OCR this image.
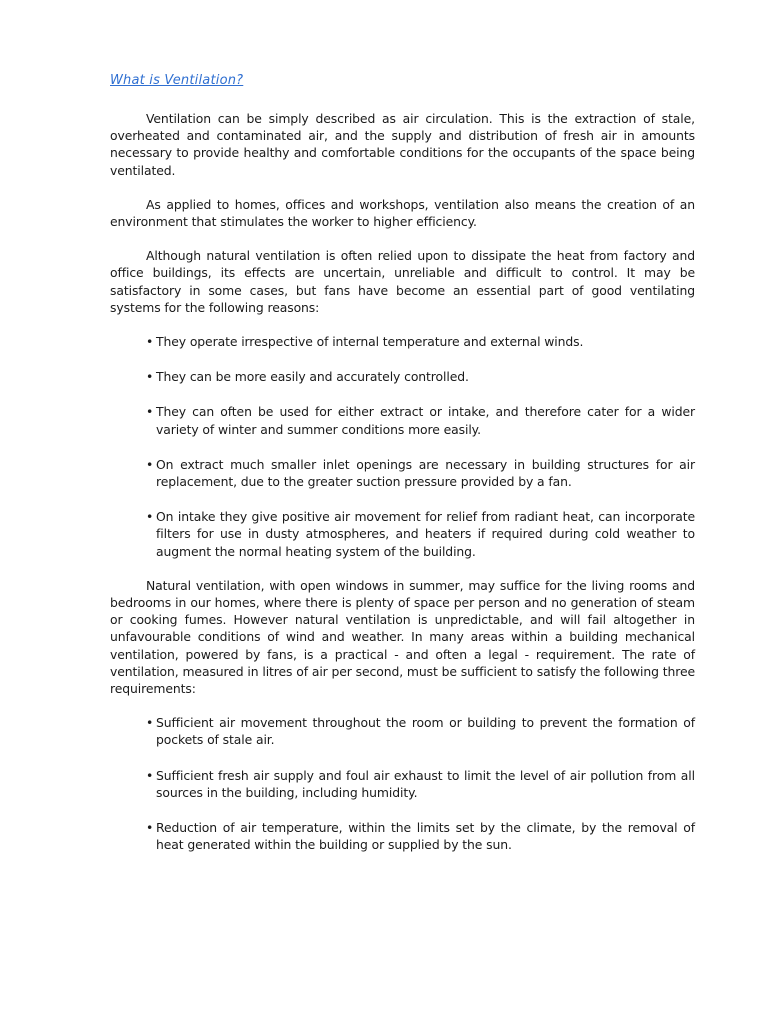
What is Ventilation?

Ventilation can be simply described as air circulation. This is the extraction of stale, overheated and contaminated air, and the supply and distribution of fresh air in amounts necessary to provide healthy and comfortable conditions for the occupants of the space being ventilated.

As applied to homes, offices and workshops, ventilation also means the creation of an environment that stimulates the worker to higher efficiency.

Although natural ventilation is often relied upon to dissipate the heat from factory and office buildings, its effects are uncertain, unreliable and difficult to control. It may be satisfactory in some cases, but fans have become an essential part of good ventilating systems for the following reasons:

• They operate irrespective of internal temperature and external winds.
• They can be more easily and accurately controlled.
• They can often be used for either extract or intake, and therefore cater for a wider variety of winter and summer conditions more easily.
• On extract much smaller inlet openings are necessary in building structures for air replacement, due to the greater suction pressure provided by a fan.
• On intake they give positive air movement for relief from radiant heat, can incorporate filters for use in dusty atmospheres, and heaters if required during cold weather to augment the normal heating system of the building.

Natural ventilation, with open windows in summer, may suffice for the living rooms and bedrooms in our homes, where there is plenty of space per person and no generation of steam or cooking fumes. However natural ventilation is unpredictable, and will fail altogether in unfavourable conditions of wind and weather. In many areas within a building mechanical ventilation, powered by fans, is a practical - and often a legal - requirement. The rate of ventilation, measured in litres of air per second, must be sufficient to satisfy the following three requirements:

• Sufficient air movement throughout the room or building to prevent the formation of pockets of stale air.
• Sufficient fresh air supply and foul air exhaust to limit the level of air pollution from all sources in the building, including humidity.
• Reduction of air temperature, within the limits set by the climate, by the removal of heat generated within the building or supplied by the sun.
